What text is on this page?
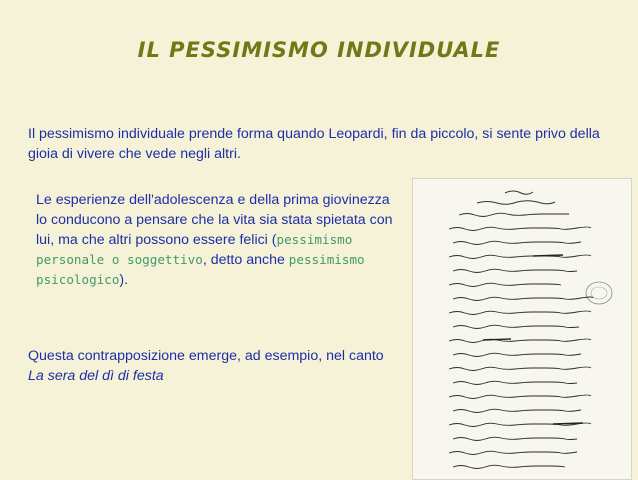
IL PESSIMISMO INDIVIDUALE
Il pessimismo individuale prende forma quando Leopardi, fin da piccolo, si sente privo della gioia di vivere che vede negli altri.
Le esperienze dell'adolescenza e della prima giovinezza lo conducono a pensare che la vita sia stata spietata con lui, ma che altri possono essere felici (pessimismo personale o soggettivo, detto anche pessimismo psicologico).
Questa contrapposizione emerge, ad esempio, nel canto La sera del dì di festa
